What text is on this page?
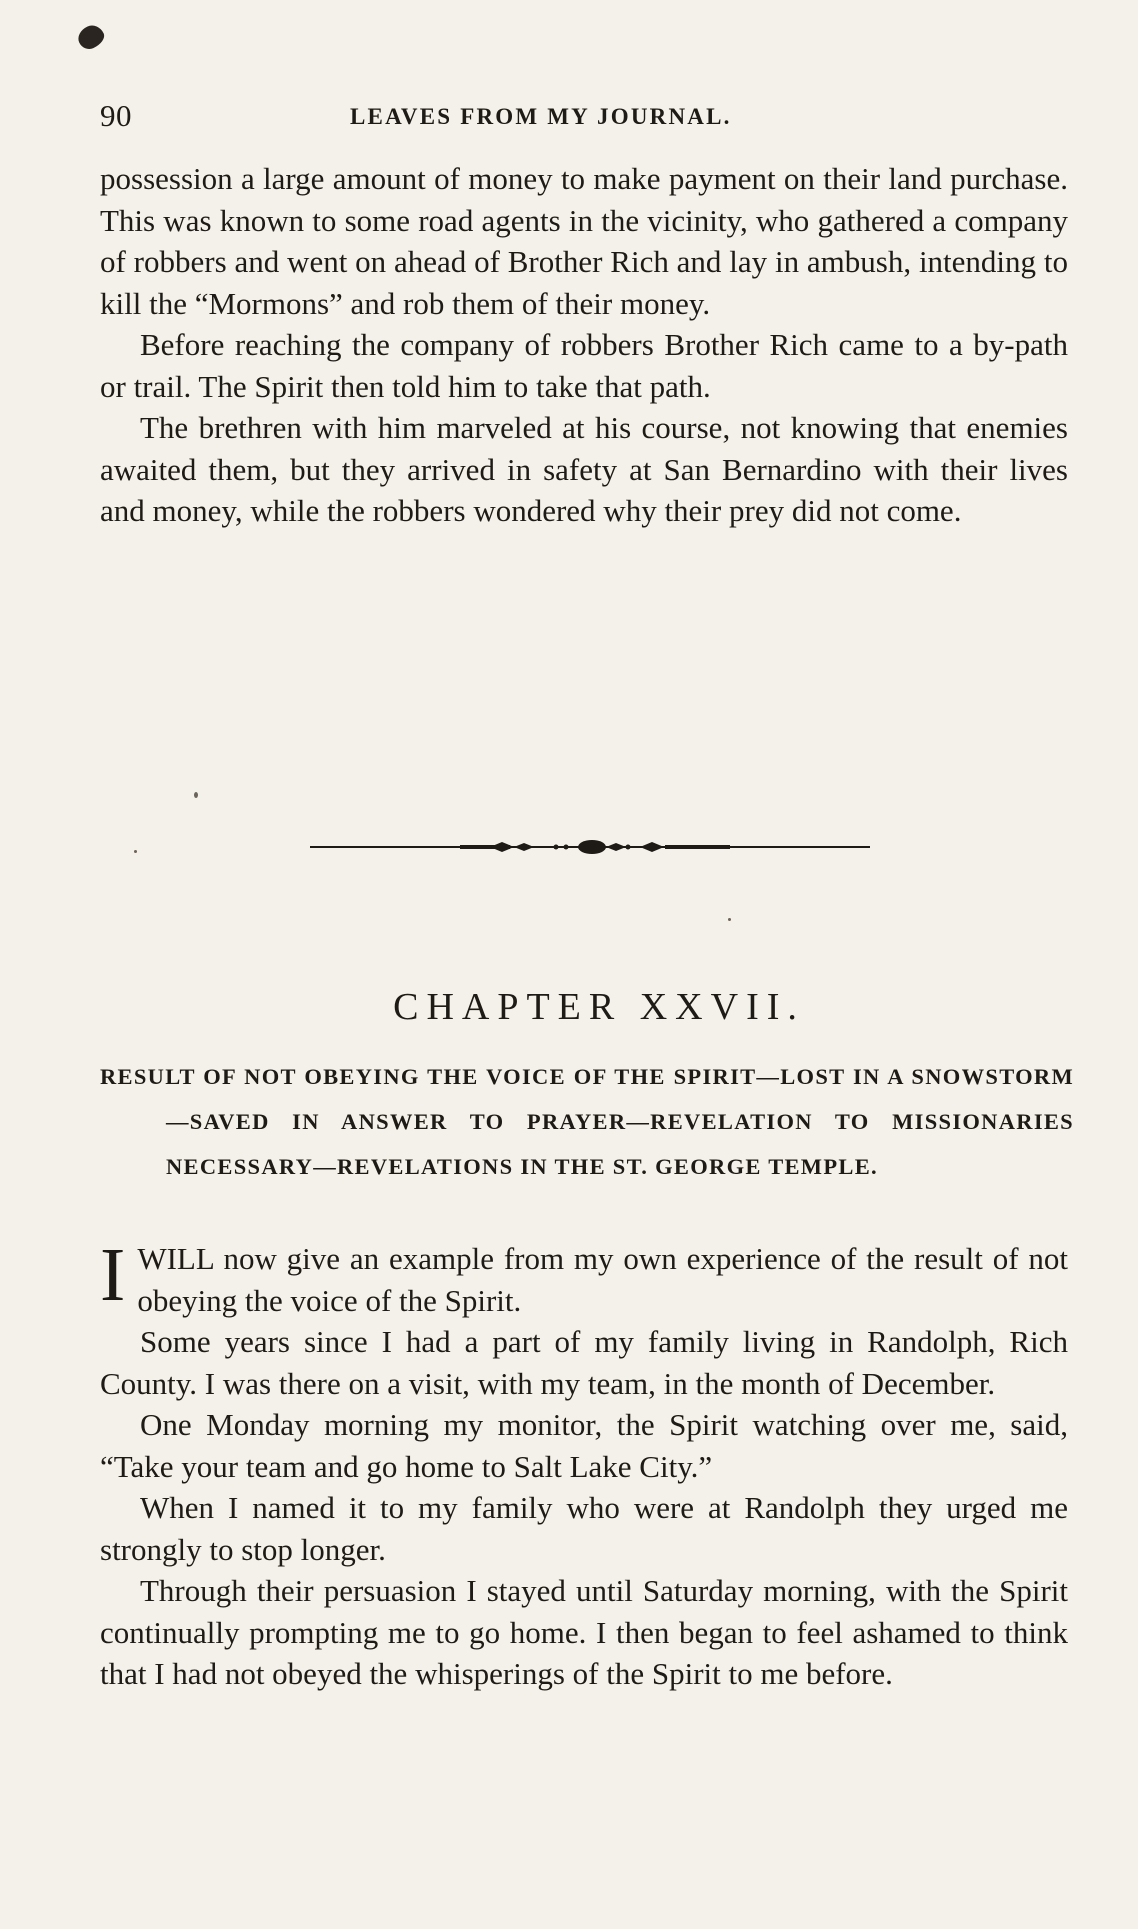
90	LEAVES FROM MY JOURNAL.

possession a large amount of money to make payment on their land purchase. This was known to some road agents in the vicinity, who gathered a company of robbers and went on ahead of Brother Rich and lay in ambush, intending to kill the “Mormons” and rob them of their money.

Before reaching the company of robbers Brother Rich came to a by-path or trail. The Spirit then told him to take that path.

The brethren with him marveled at his course, not knowing that enemies awaited them, but they arrived in safety at San Bernardino with their lives and money, while the robbers wondered why their prey did not come.

CHAPTER XXVII.
RESULT OF NOT OBEYING THE VOICE OF THE SPIRIT—LOST IN A SNOWSTORM—SAVED IN ANSWER TO PRAYER—REVELATION TO MISSIONARIES NECESSARY—REVELATIONS IN THE ST. GEORGE TEMPLE.

IWILL now give an example from my own experience of the result of not obeying the voice of the Spirit.

Some years since I had a part of my family living in Randolph, Rich County. I was there on a visit, with my team, in the month of December.

One Monday morning my monitor, the Spirit watching over me, said, “Take your team and go home to Salt Lake City.”

When I named it to my family who were at Randolph they urged me strongly to stop longer.

Through their persuasion I stayed until Saturday morning, with the Spirit continually prompting me to go home. I then began to feel ashamed to think that I had not obeyed the whisperings of the Spirit to me before.
